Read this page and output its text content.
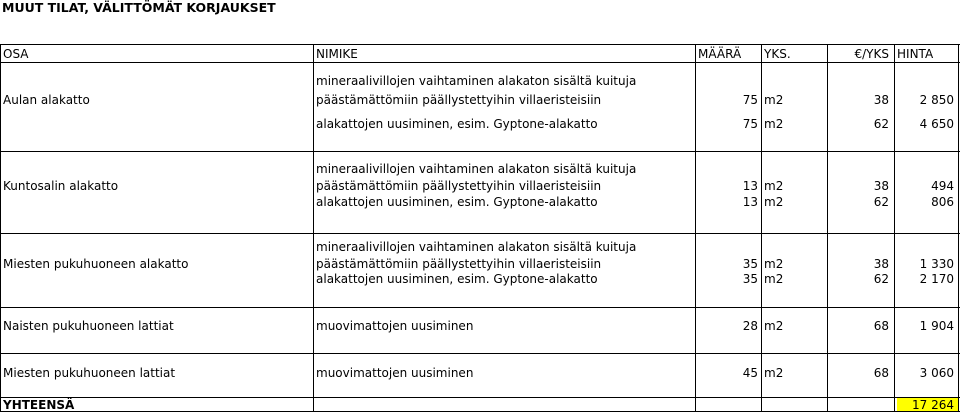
MUUT TILAT, VÄLITTÖMÄT KORJAUKSET
OSA	NIMIKE	MÄÄRÄ YKS.	€/YKS HINTA
Aulan alakatto
mineraalivillojen vaihtaminen alakaton sisältä kuituja
päästämättömiin päällystettyihin villaeristeisiin	75 m2	38	2 850
alakattojen uusiminen, esim. Gyptone-alakatto	75 m2	62	4 650
Kuntosalin alakatto
mineraalivillojen vaihtaminen alakaton sisältä kuituja
päästämättömiin päällystettyihin villaeristeisiin	13 m2	38	494
alakattojen uusiminen, esim. Gyptone-alakatto	13 m2	62	806
Miesten pukuhuoneen alakatto
mineraalivillojen vaihtaminen alakaton sisältä kuituja
päästämättömiin päällystettyihin villaeristeisiin	35 m2	38	1 330
alakattojen uusiminen, esim. Gyptone-alakatto	35 m2	62	2 170
Naisten pukuhuoneen lattiat	muovimattojen uusiminen	28 m2	68	1 904
Miesten pukuhuoneen lattiat	muovimattojen uusiminen	45 m2	68	3 060
YHTEENSÄ	17 264
